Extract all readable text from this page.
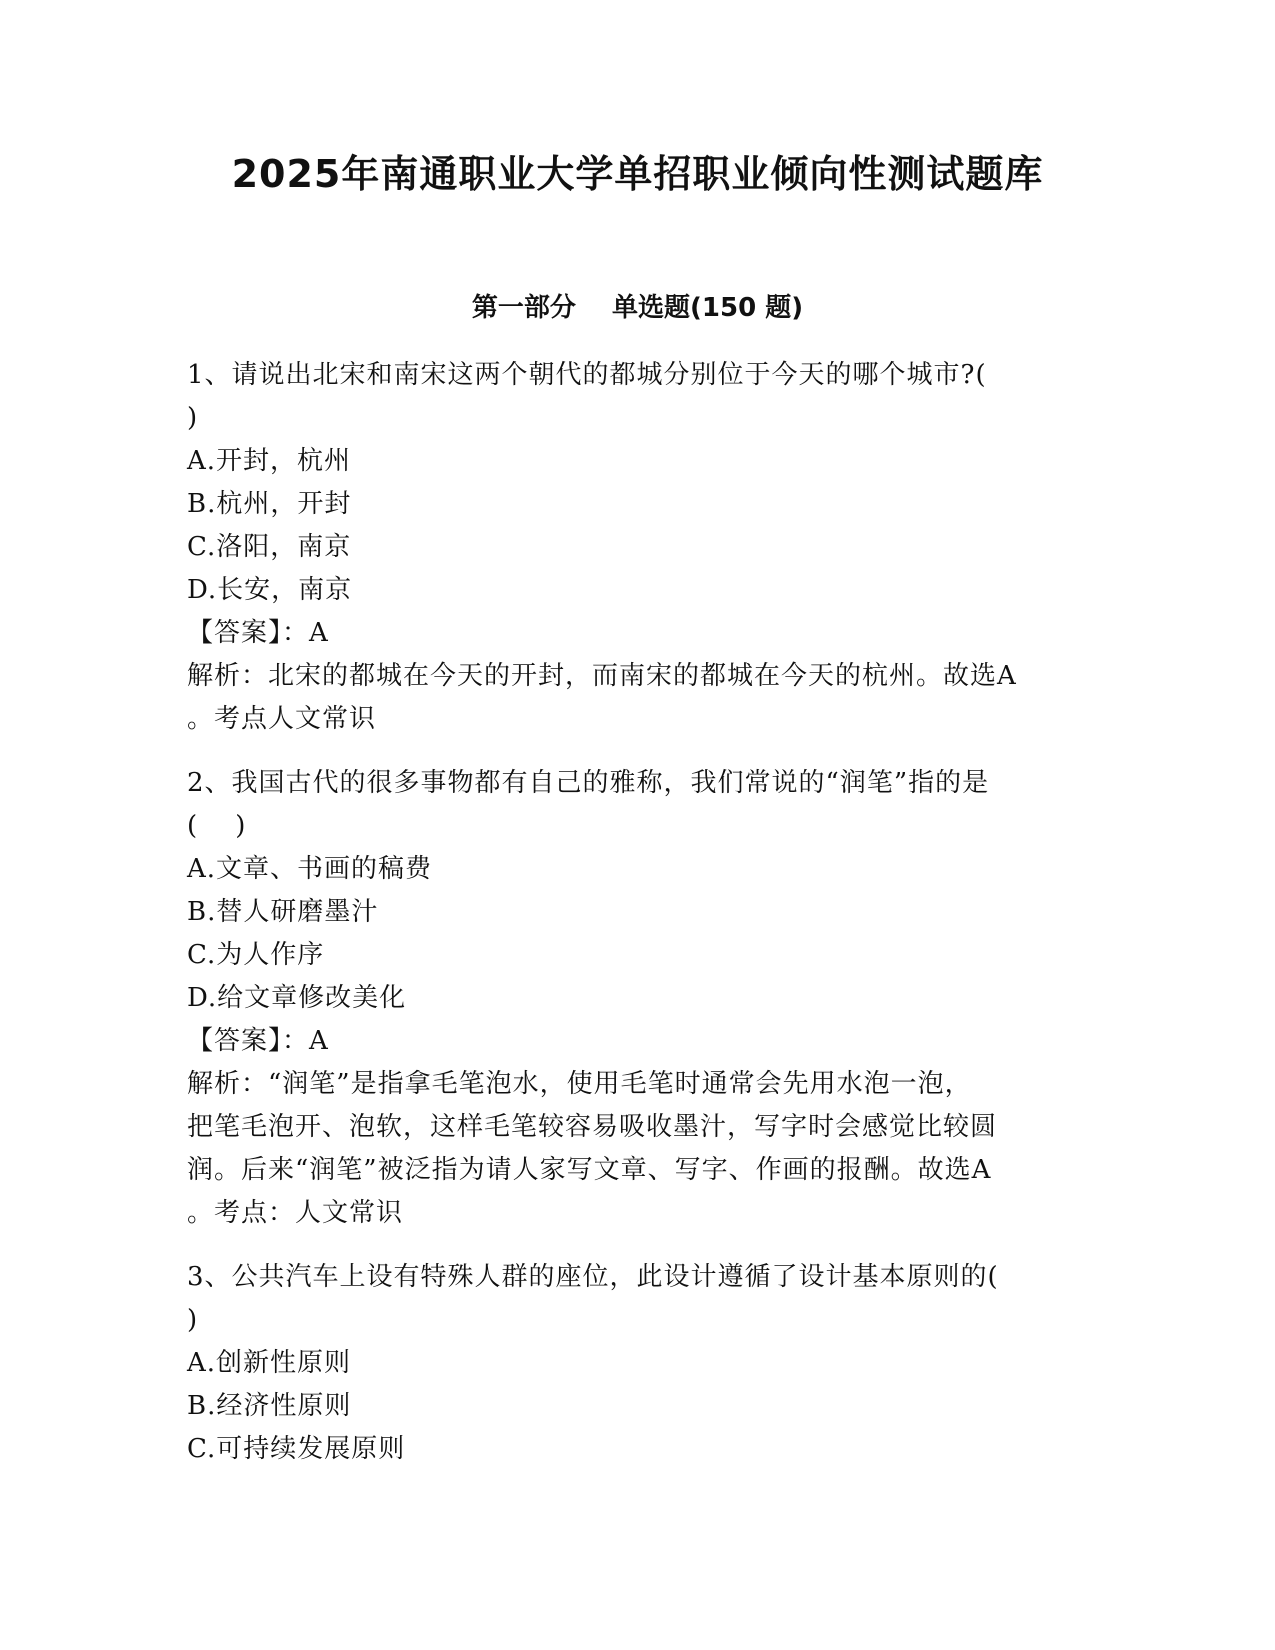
2025年南通职业大学单招职业倾向性测试题库
第一部分    单选题(150 题)

1、请说出北宋和南宋这两个朝代的都城分别位于今天的哪个城市?(

)

A.开封，杭州

B.杭州，开封

C.洛阳，南京

D.长安，南京

【答案】：A

解析：北宋的都城在今天的开封，而南宋的都城在今天的杭州。故选A

。考点人文常识

2、我国古代的很多事物都有自己的雅称，我们常说的“润笔”指的是

(    )

A.文章、书画的稿费

B.替人研磨墨汁

C.为人作序

D.给文章修改美化

【答案】：A

解析：“润笔”是指拿毛笔泡水，使用毛笔时通常会先用水泡一泡，

把笔毛泡开、泡软，这样毛笔较容易吸收墨汁，写字时会感觉比较圆

润。后来“润笔”被泛指为请人家写文章、写字、作画的报酬。故选A

。考点：人文常识

3、公共汽车上设有特殊人群的座位，此设计遵循了设计基本原则的(

)

A.创新性原则

B.经济性原则

C.可持续发展原则
